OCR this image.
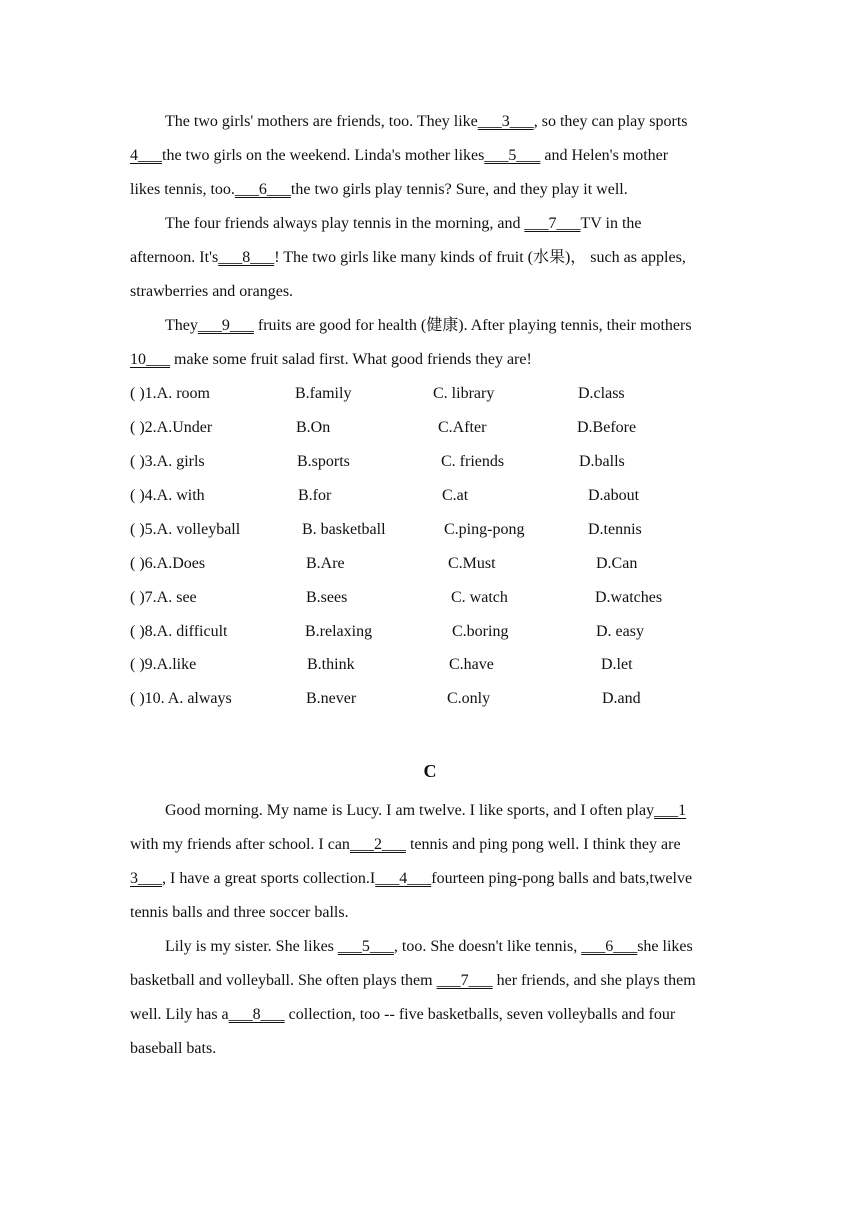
The two girls' mothers are friends, too. They like___3___, so they can play sports
4___the two girls on the weekend. Linda's mother likes___5___ and Helen's mother
likes tennis, too.___6___the two girls play tennis? Sure, and they play it well.
The four friends always play tennis in the morning, and ___7___TV in the
afternoon. It's___8___! The two girls like many kinds of fruit (水果)， such as apples,
strawberries and oranges.
They___9___ fruits are good for health (健康). After playing tennis, their mothers
10___ make some fruit salad first. What good friends they are!
( )1.A. room	B.family	C. library	D.class
( )2.A.Under	B.On	C.After	D.Before
( )3.A. girls	B.sports	C. friends	D.balls
( )4.A. with	B.for	C.at	D.about
( )5.A. volleyball	B. basketball	C.ping-pong	D.tennis
( )6.A.Does	B.Are	C.Must	D.Can
( )7.A. see	B.sees	C. watch	D.watches
( )8.A. difficult	B.relaxing	C.boring	D. easy
( )9.A.like	B.think	C.have	D.let
( )10. A. always	B.never	C.only	D.and
C
Good morning. My name is Lucy. I am twelve. I like sports, and I often play___1
with my friends after school. I can___2___ tennis and ping pong well. I think they are
3___, I have a great sports collection.I___4___fourteen ping-pong balls and bats,twelve
tennis balls and three soccer balls.
Lily is my sister. She likes ___5___, too. She doesn't like tennis, ___6___she likes
basketball and volleyball. She often plays them ___7___ her friends, and she plays them
well. Lily has a___8___ collection, too -- five basketballs, seven volleyballs and four
baseball bats.
